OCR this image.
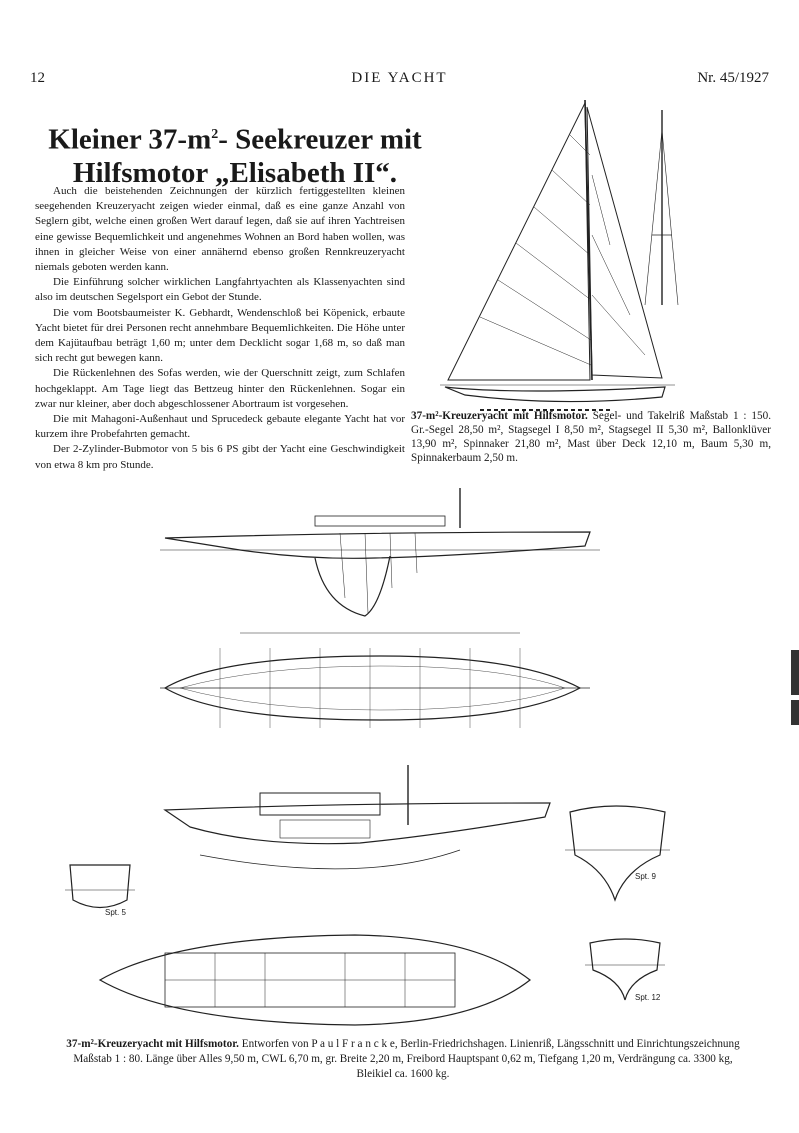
12	DIE YACHT	Nr. 45/1927
Kleiner $37-m^2-$ Seekreuzer mit
Hilfsmotor „Elisabeth II“.

Auch die beistehenden Zeichnungen der kürzlich fertiggestellten kleinen seegehenden Kreuzeryacht zeigen wieder einmal, daß es eine ganze Anzahl von Seglern gibt, welche einen großen Wert darauf legen, daß sie auf ihren Yachtreisen eine gewisse Bequemlichkeit und angenehmes Wohnen an Bord haben wollen, was ihnen in gleicher Weise von einer annähernd ebenso großen Rennkreuzeryacht niemals geboten werden kann.

Die Einführung solcher wirklichen Langfahrtyachten als Klassenyachten sind also im deutschen Segelsport ein Gebot der Stunde.

Die vom Bootsbaumeister K. Gebhardt, Wendenschloß bei Köpenick, erbaute Yacht bietet für drei Personen recht annehmbare Bequemlichkeiten. Die Höhe unter dem Kajütaufbau beträgt 1,60 m; unter dem Decklicht sogar 1,68 m, so daß man sich recht gut bewegen kann.

Die Rückenlehnen des Sofas werden, wie der Querschnitt zeigt, zum Schlafen hochgeklappt. Am Tage liegt das Bettzeug hinter den Rückenlehnen. Sogar ein zwar nur kleiner, aber doch abgeschlossener Abortraum ist vorgesehen.

Die mit Mahagoni-Außenhaut und Sprucedeck gebaute elegante Yacht hat vor kurzem ihre Probefahrten gemacht.

Der 2-Zylinder-Bubmotor von 5 bis 6 PS gibt der Yacht eine Geschwindigkeit von etwa 8 km pro Stunde.

37-m²-Kreuzeryacht mit Hilfsmotor. Segel- und Takelriß Maßstab 1 : 150. Gr.-Segel 28,50 m², Stagsegel I 8,50 m², Stagsegel II 5,30 m², Ballonklüver 13,90 m², Spinnaker 21,80 m², Mast über Deck 12,10 m, Baum 5,30 m, Spinnakerbaum 2,50 m.
Spt. 5
Spt. 9
Spt. 12
37-m²-Kreuzeryacht mit Hilfsmotor. Entworfen von P a u l F r a n c k e, Berlin-Friedrichshagen. Linienriß, Längsschnitt und Einrichtungszeichnung Maßstab 1 : 80. Länge über Alles 9,50 m, CWL 6,70 m, gr. Breite 2,20 m, Freibord Hauptspant 0,62 m, Tiefgang 1,20 m, Verdrängung ca. 3300 kg, Bleikiel ca. 1600 kg.
